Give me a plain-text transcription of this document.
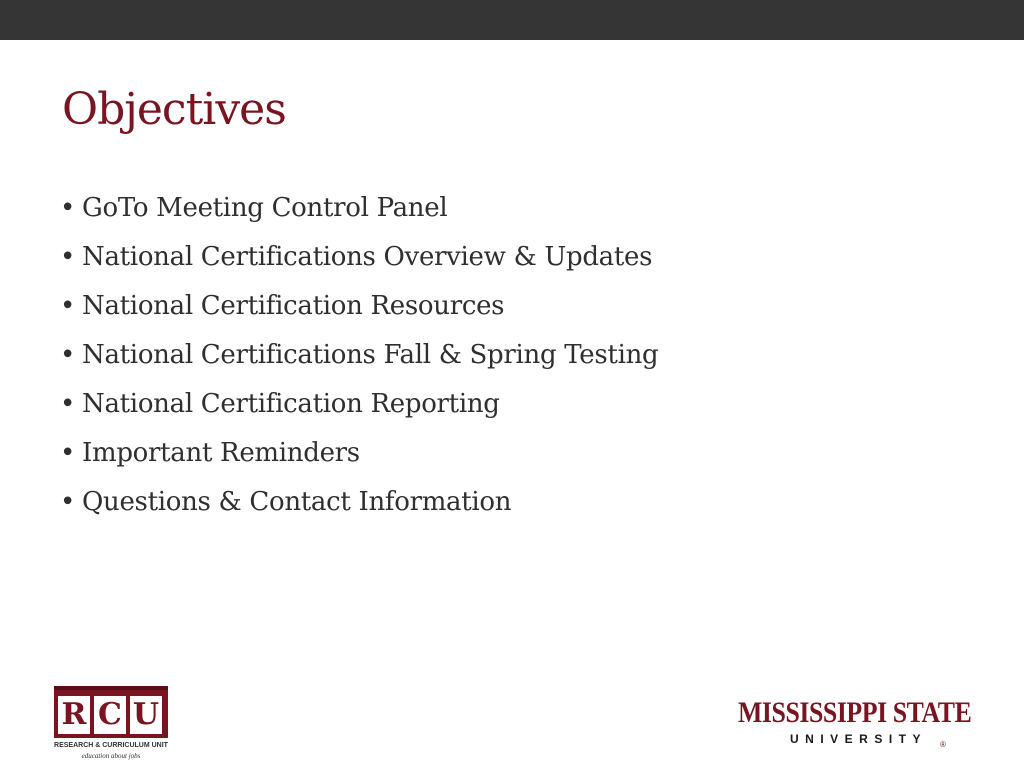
Objectives
• GoTo Meeting Control Panel
• National Certifications Overview & Updates
• National Certification Resources
• National Certifications Fall & Spring Testing
• National Certification Reporting
• Important Reminders
• Questions & Contact Information
R C U
RESEARCH & CURRICULUM UNIT
education about jobs
MISSISSIPPI STATE
UNIVERSITY ®
